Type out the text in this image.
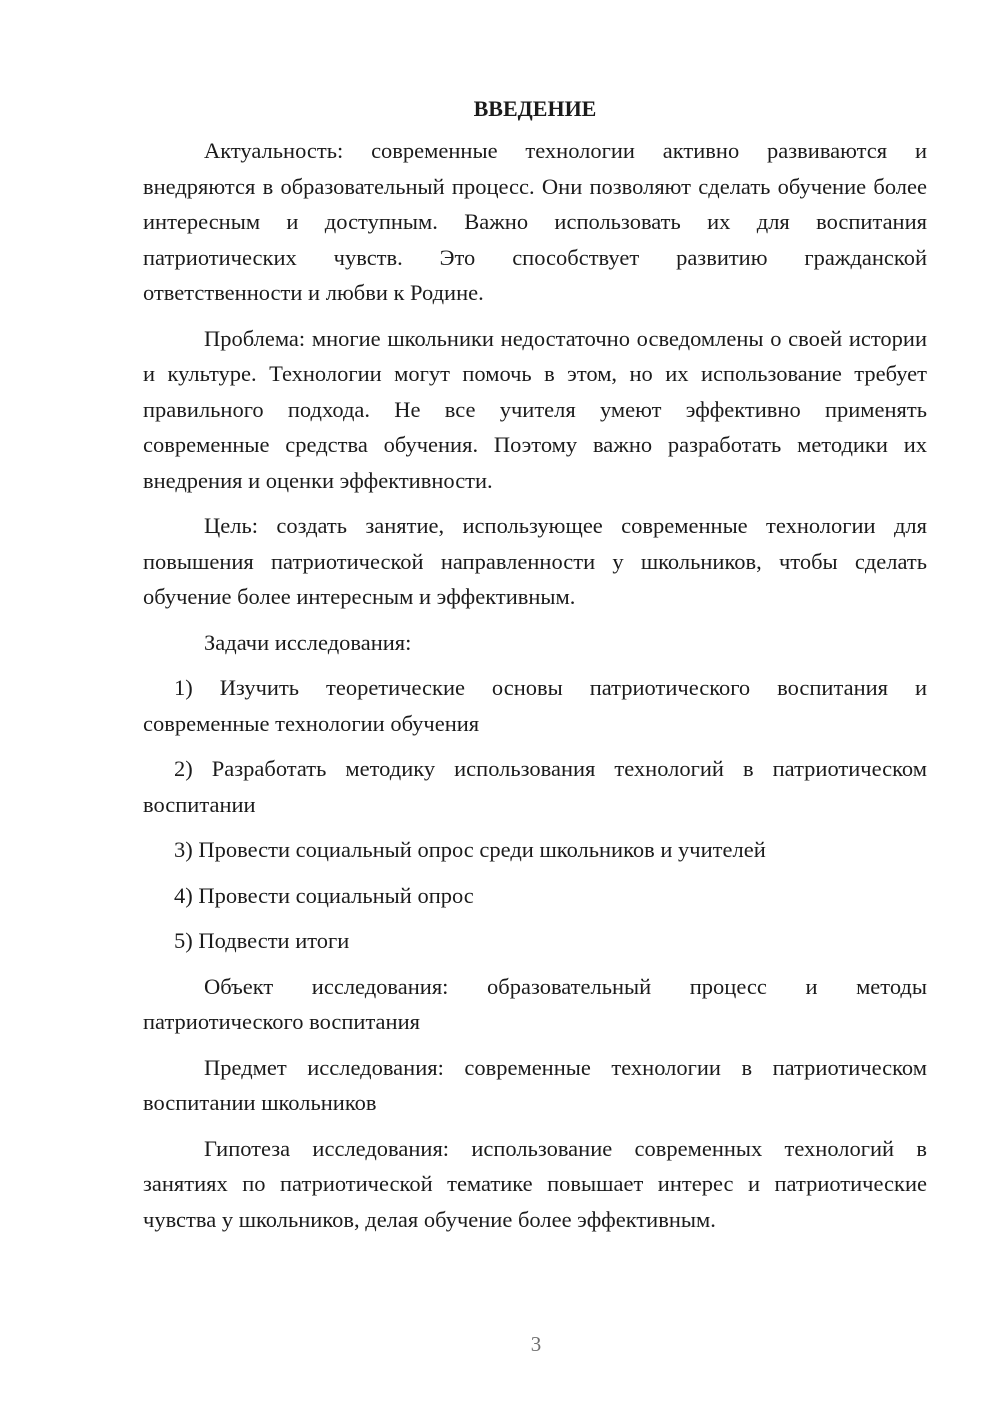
ВВЕДЕНИЕ

Актуальность: современные технологии активно развиваются и внедряются в образовательный процесс. Они позволяют сделать обучение более интересным и доступным. Важно использовать их для воспитания патриотических чувств. Это способствует развитию гражданской ответственности и любви к Родине.

Проблема: многие школьники недостаточно осведомлены о своей истории и культуре. Технологии могут помочь в этом, но их использование требует правильного подхода. Не все учителя умеют эффективно применять современные средства обучения. Поэтому важно разработать методики их внедрения и оценки эффективности.

Цель: создать занятие, использующее современные технологии для повышения патриотической направленности у школьников, чтобы сделать обучение более интересным и эффективным.

Задачи исследования:

1) Изучить теоретические основы патриотического воспитания и современные технологии обучения

2) Разработать методику использования технологий в патриотическом воспитании

3) Провести социальный опрос среди школьников и учителей

4) Провести социальный опрос

5) Подвести итоги

Объект исследования: образовательный процесс и методы патриотического воспитания

Предмет исследования: современные технологии в патриотическом воспитании школьников

Гипотеза исследования: использование современных технологий в занятиях по патриотической тематике повышает интерес и патриотические чувства у школьников, делая обучение более эффективным.

3
